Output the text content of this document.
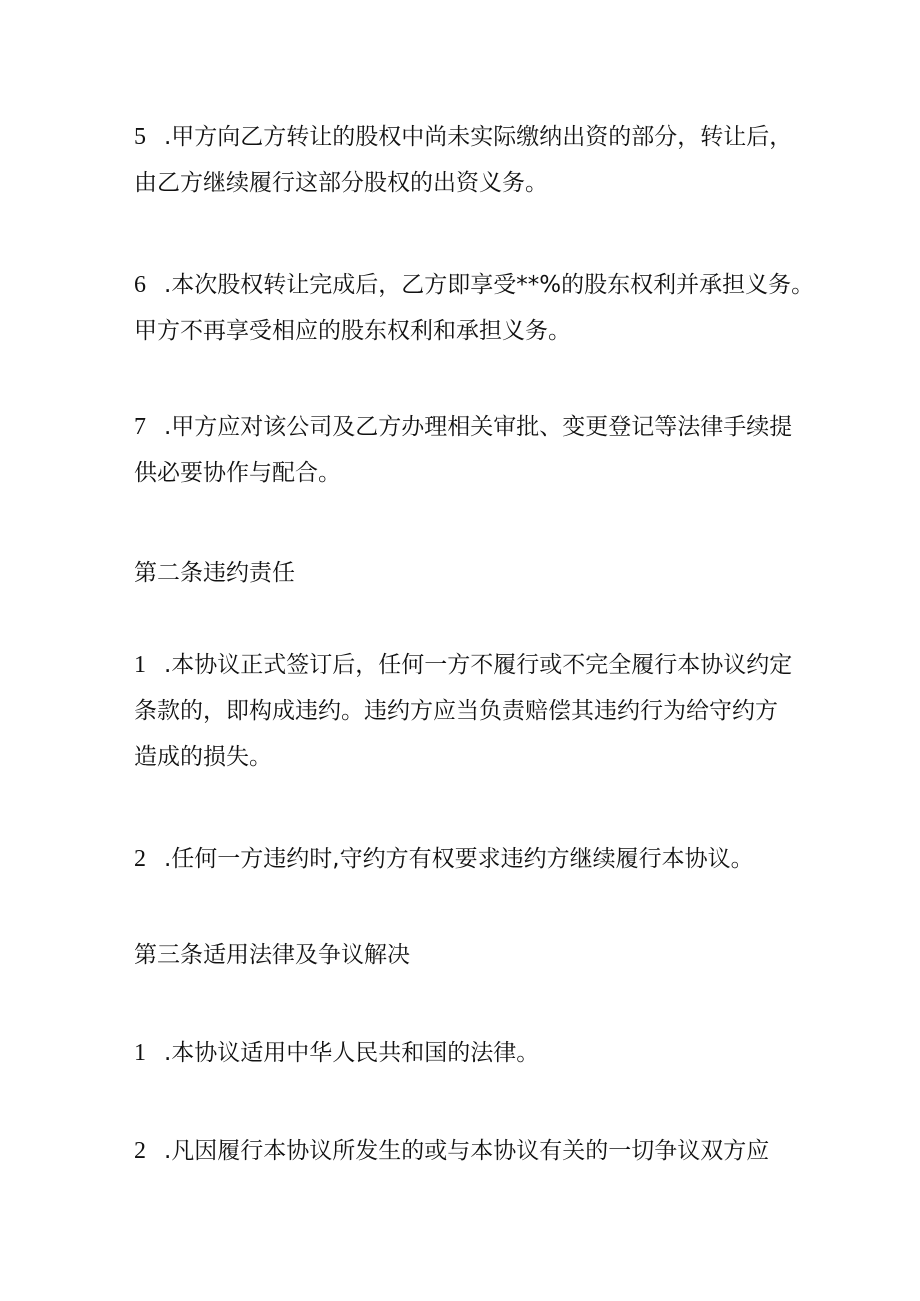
5 .甲方向乙方转让的股权中尚未实际缴纳出资的部分，转让后，
由乙方继续履行这部分股权的出资义务。
6 .本次股权转让完成后，乙方即享受**%的股东权利并承担义务。
甲方不再享受相应的股东权利和承担义务。
7 .甲方应对该公司及乙方办理相关审批、变更登记等法律手续提
供必要协作与配合。
第二条违约责任
1 .本协议正式签订后，任何一方不履行或不完全履行本协议约定
条款的，即构成违约。违约方应当负责赔偿其违约行为给守约方
造成的损失。
2 .任何一方违约时,守约方有权要求违约方继续履行本协议。
第三条适用法律及争议解决
1 .本协议适用中华人民共和国的法律。
2 .凡因履行本协议所发生的或与本协议有关的一切争议双方应
